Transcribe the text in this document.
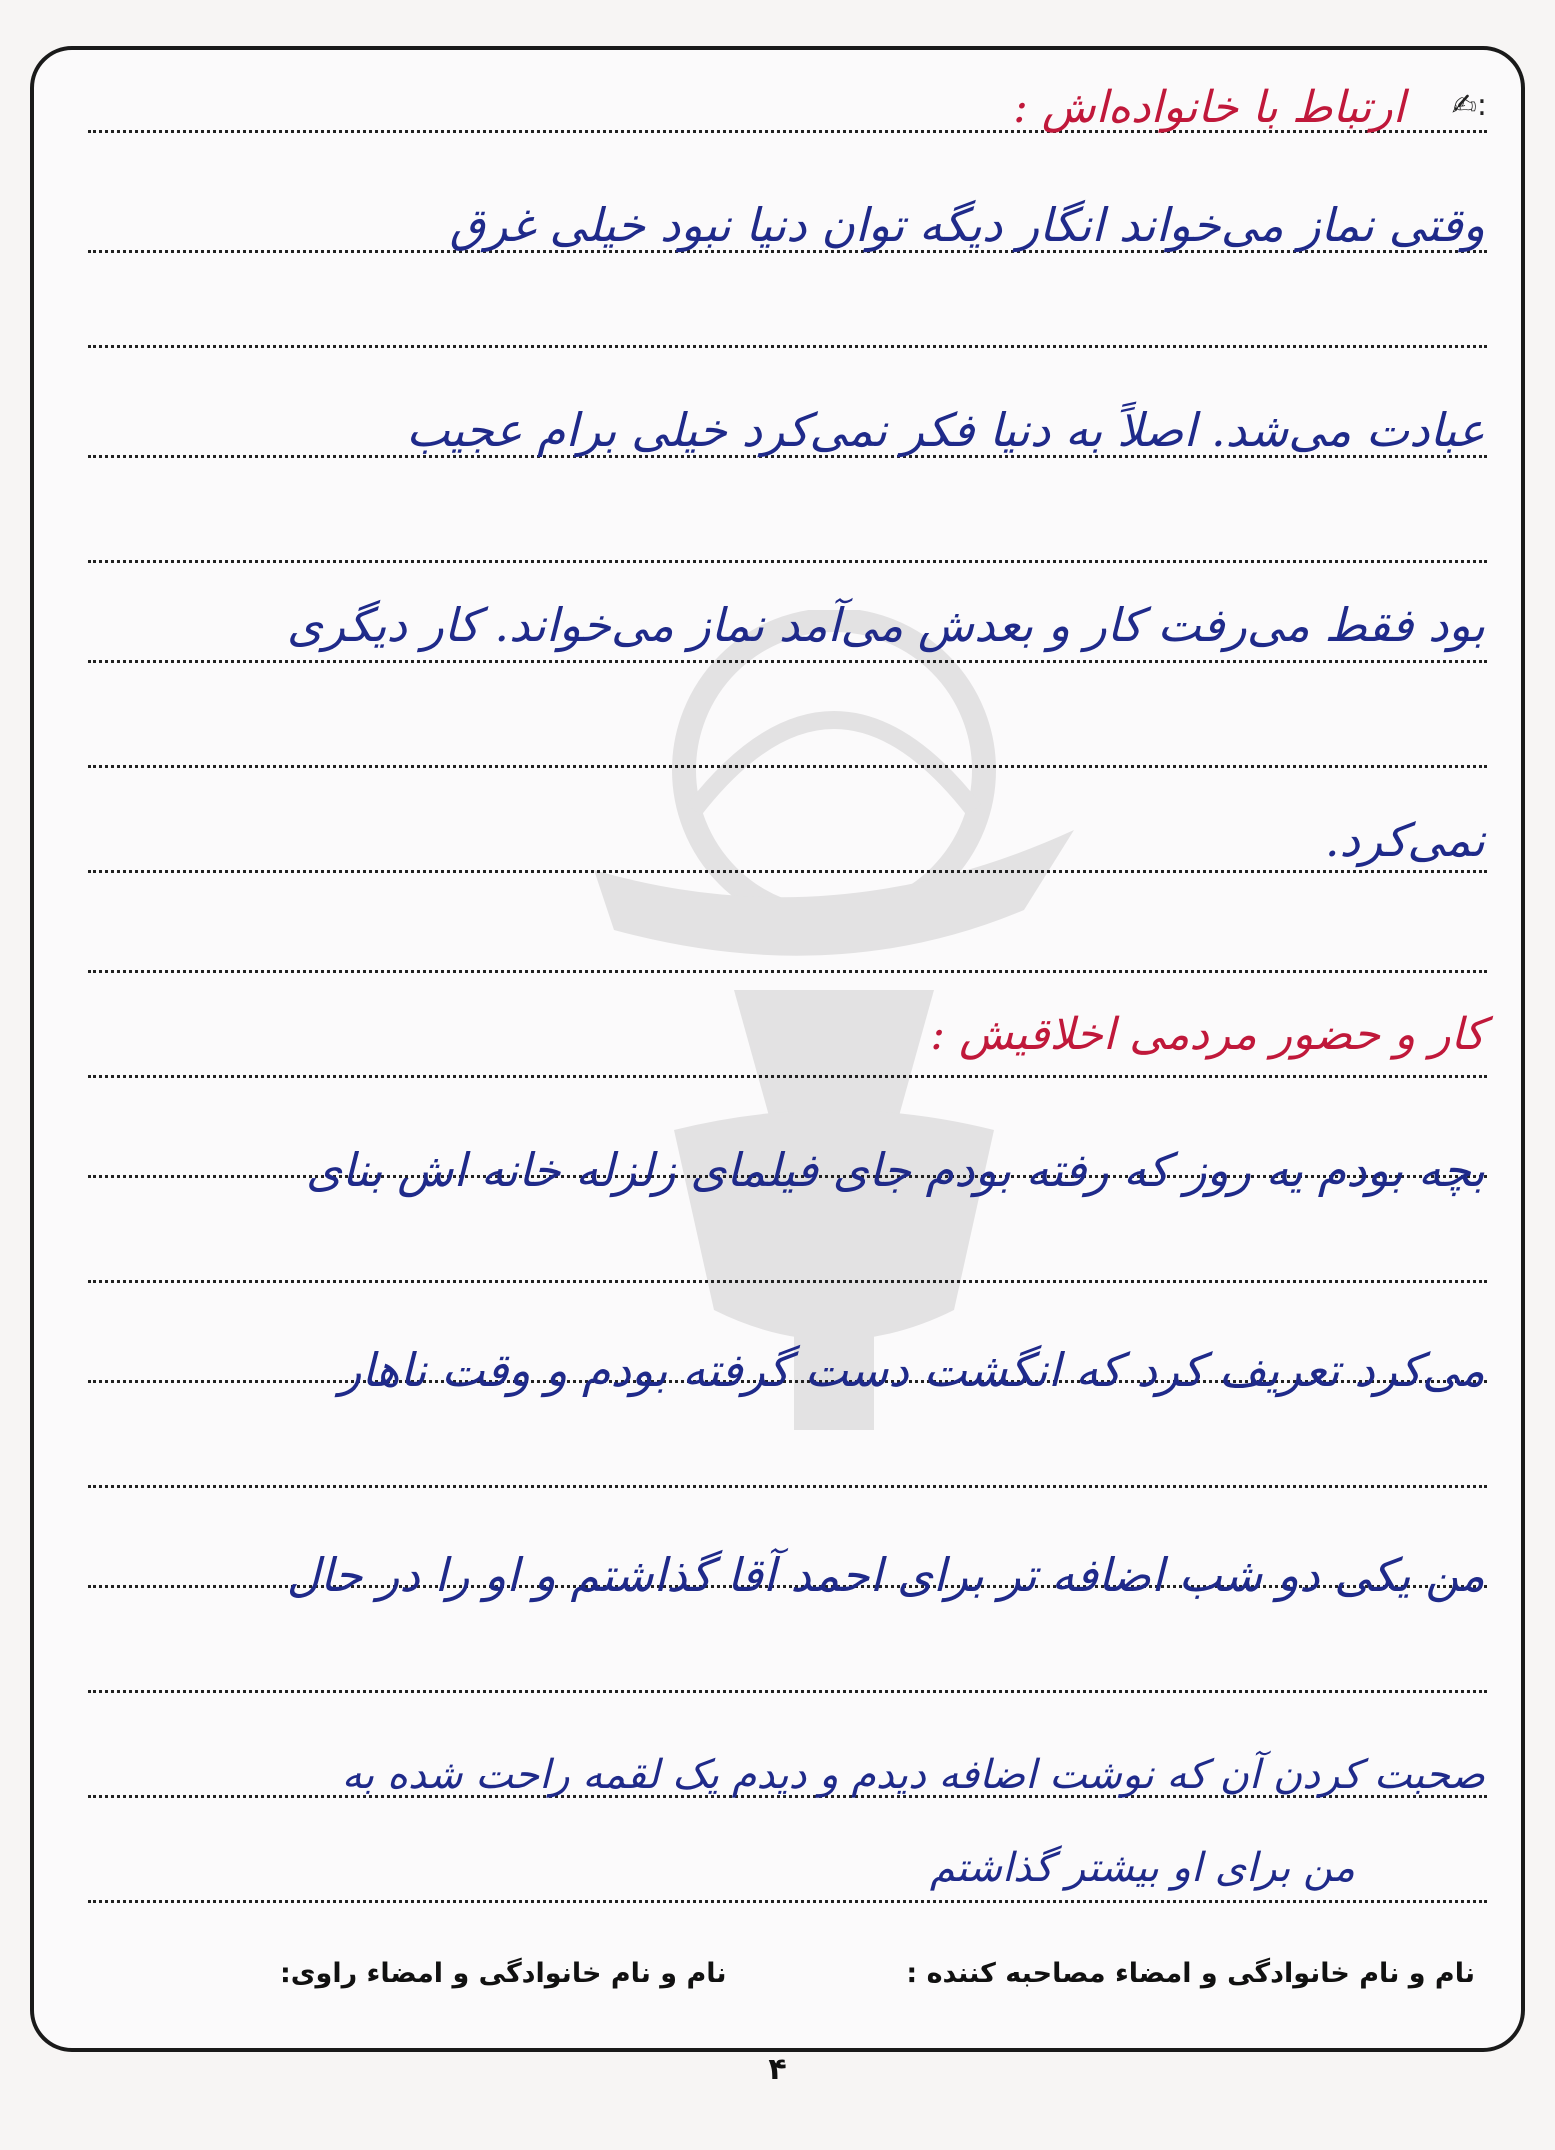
✍:
ارتباط با خانواده‌اش :
وقتی نماز می‌خواند انگار دیگه توان دنیا نبود خیلی غرق
عبادت می‌شد. اصلاً به دنیا فکر نمی‌کرد خیلی برام عجیب
بود فقط می‌رفت کار و بعدش می‌آمد نماز می‌خواند. کار دیگری
نمی‌کرد.
کار و حضور مردمی اخلاقیش :
بچه بودم یه روز که رفته بودم جای فیلمای زلزله خانه اش بنای
می‌کرد تعریف کرد که انگشت دست گرفته بودم و وقت ناهار
من یکی دو شب اضافه تر برای احمد آقا گذاشتم و او را در حال
صحبت کردن آن که نوشت اضافه دیدم و دیدم یک لقمه راحت شده به
من برای او بیشتر گذاشتم
نام و نام خانوادگی و امضاء مصاحبه کننده :
نام و نام خانوادگی و امضاء راوی:
۴
